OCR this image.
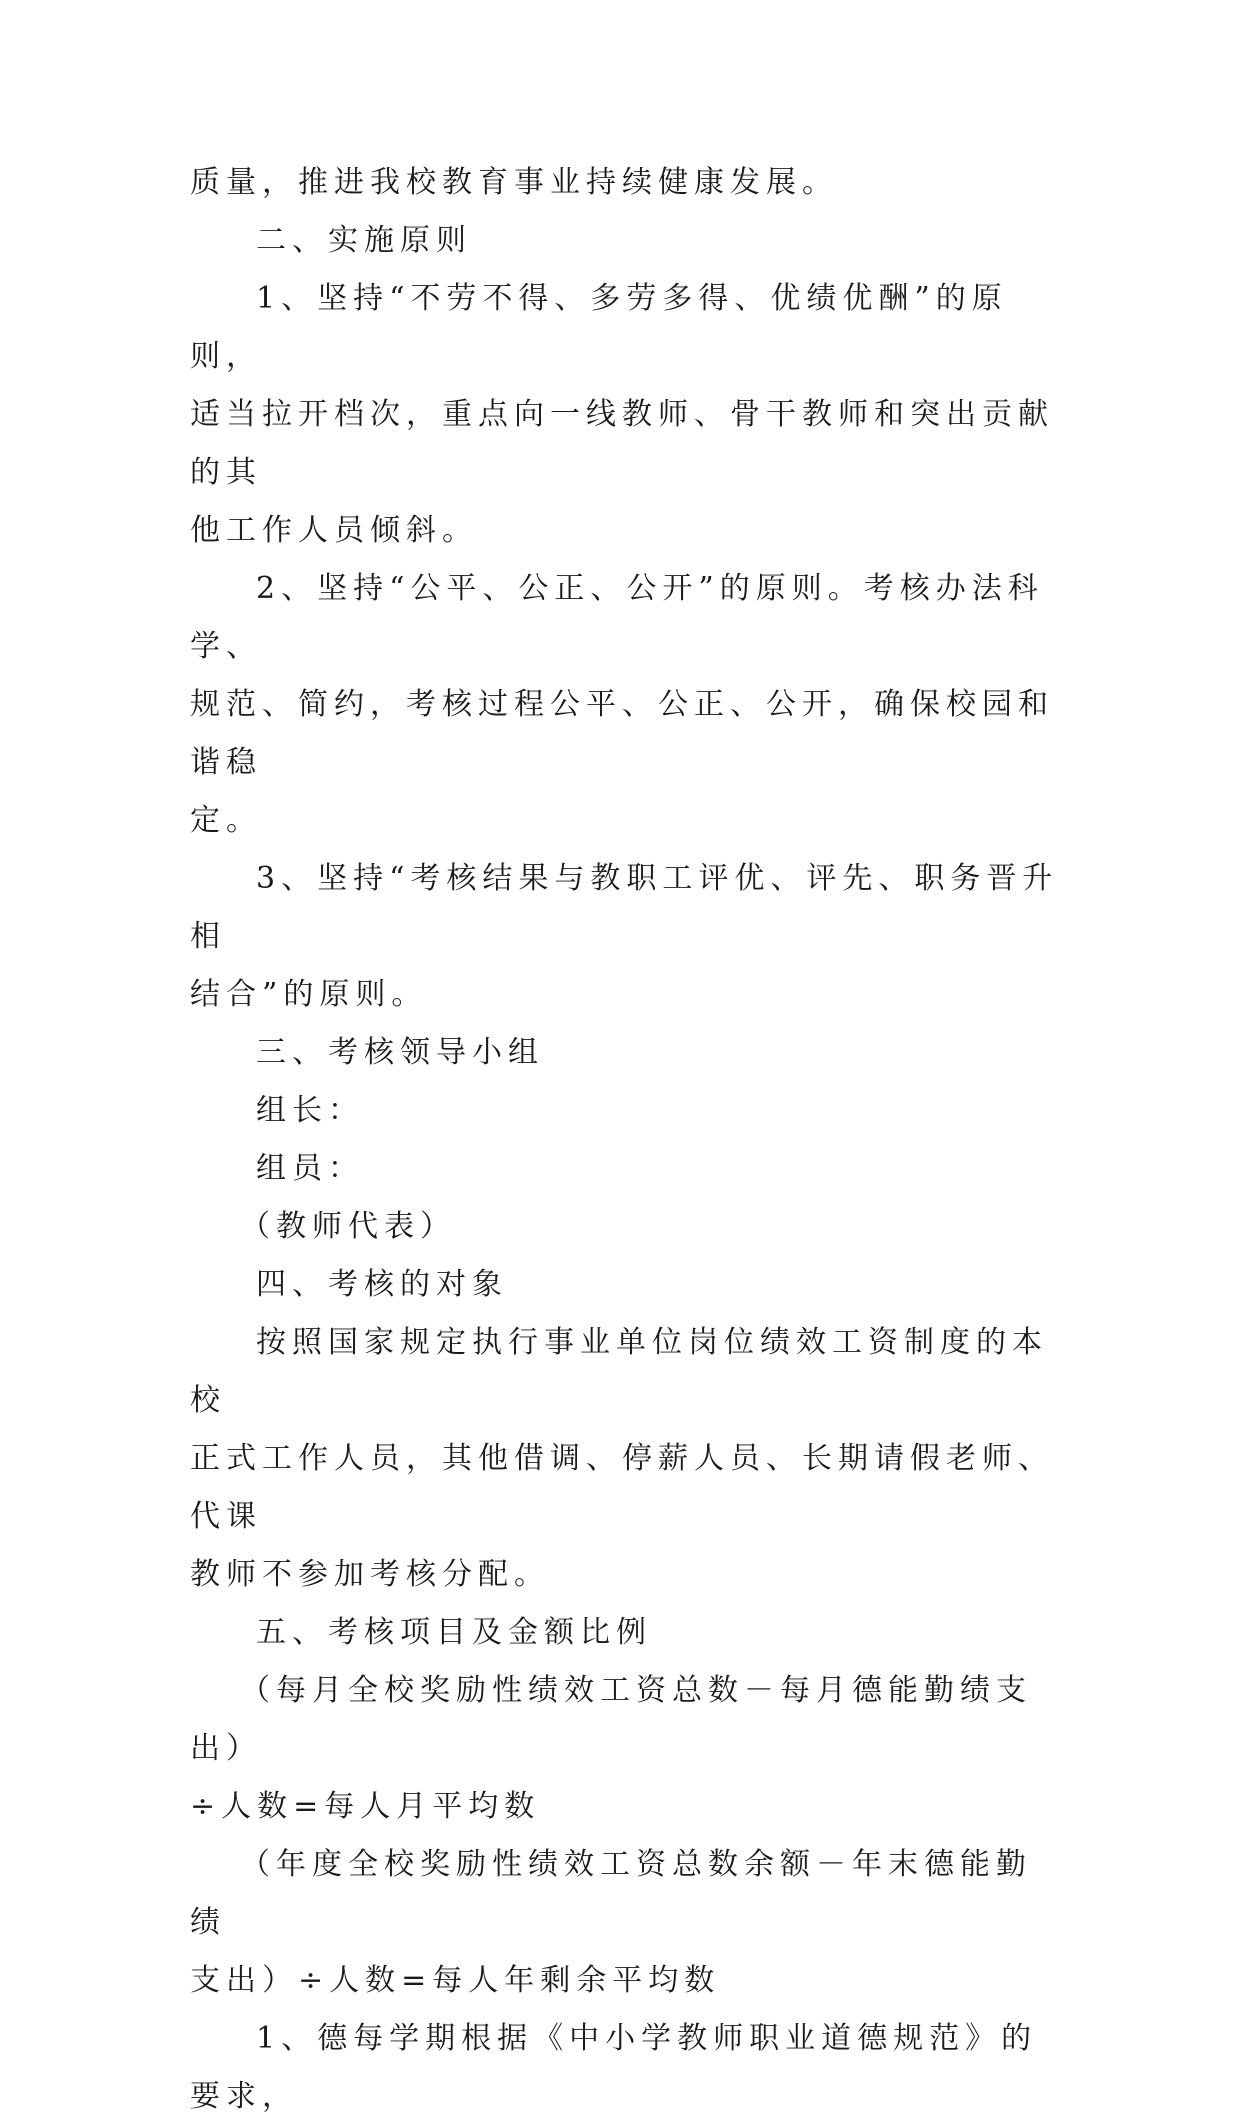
质量，推进我校教育事业持续健康发展。
二、实施原则
1、坚持“不劳不得、多劳多得、优绩优酬”的原则，
适当拉开档次，重点向一线教师、骨干教师和突出贡献的其
他工作人员倾斜。
2、坚持“公平、公正、公开”的原则。考核办法科学、
规范、简约，考核过程公平、公正、公开，确保校园和谐稳
定。
3、坚持“考核结果与教职工评优、评先、职务晋升相
结合”的原则。
三、考核领导小组
组长：
组员：
（教师代表）
四、考核的对象
按照国家规定执行事业单位岗位绩效工资制度的本校
正式工作人员，其他借调、停薪人员、长期请假老师、代课
教师不参加考核分配。
五、考核项目及金额比例
（每月全校奖励性绩效工资总数－每月德能勤绩支出）
÷人数=每人月平均数
（年度全校奖励性绩效工资总数余额－年末德能勤绩
支出）÷人数=每人年剩余平均数
1、德每学期根据《中小学教师职业道德规范》的要求，
